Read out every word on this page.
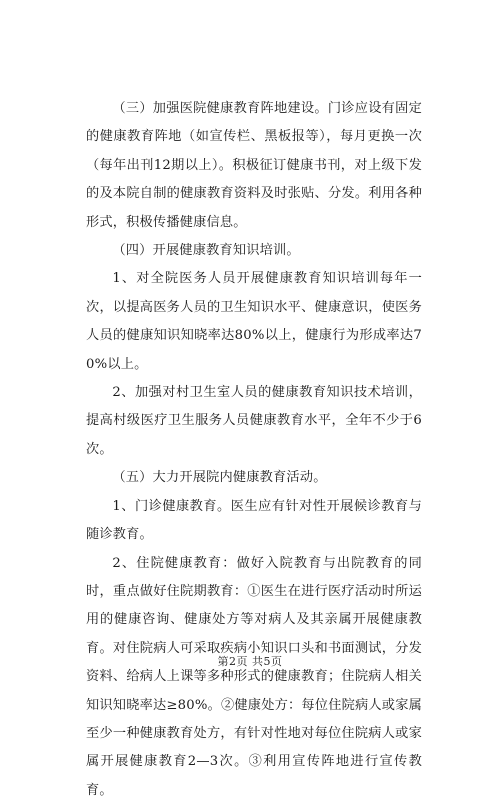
（三）加强医院健康教育阵地建设。门诊应设有固定的健康教育阵地（如宣传栏、黑板报等），每月更换一次（每年出刊12期以上）。积极征订健康书刊，对上级下发的及本院自制的健康教育资料及时张贴、分发。利用各种形式，积极传播健康信息。

（四）开展健康教育知识培训。

1、对全院医务人员开展健康教育知识培训每年一次，以提高医务人员的卫生知识水平、健康意识，使医务人员的健康知识知晓率达80%以上，健康行为形成率达70%以上。

2、加强对村卫生室人员的健康教育知识技术培训，提高村级医疗卫生服务人员健康教育水平，全年不少于6次。

（五）大力开展院内健康教育活动。

1、门诊健康教育。医生应有针对性开展候诊教育与随诊教育。

2、住院健康教育：做好入院教育与出院教育的同时，重点做好住院期教育：①医生在进行医疗活动时所运用的健康咨询、健康处方等对病人及其亲属开展健康教育。对住院病人可采取疾病小知识口头和书面测试，分发资料、给病人上课等多种形式的健康教育；住院病人相关知识知晓率达≥80%。②健康处方：每位住院病人或家属至少一种健康教育处方，有针对性地对每位住院病人或家属开展健康教育2—3次。③利用宣传阵地进行宣传教育。

第2页 共5页
